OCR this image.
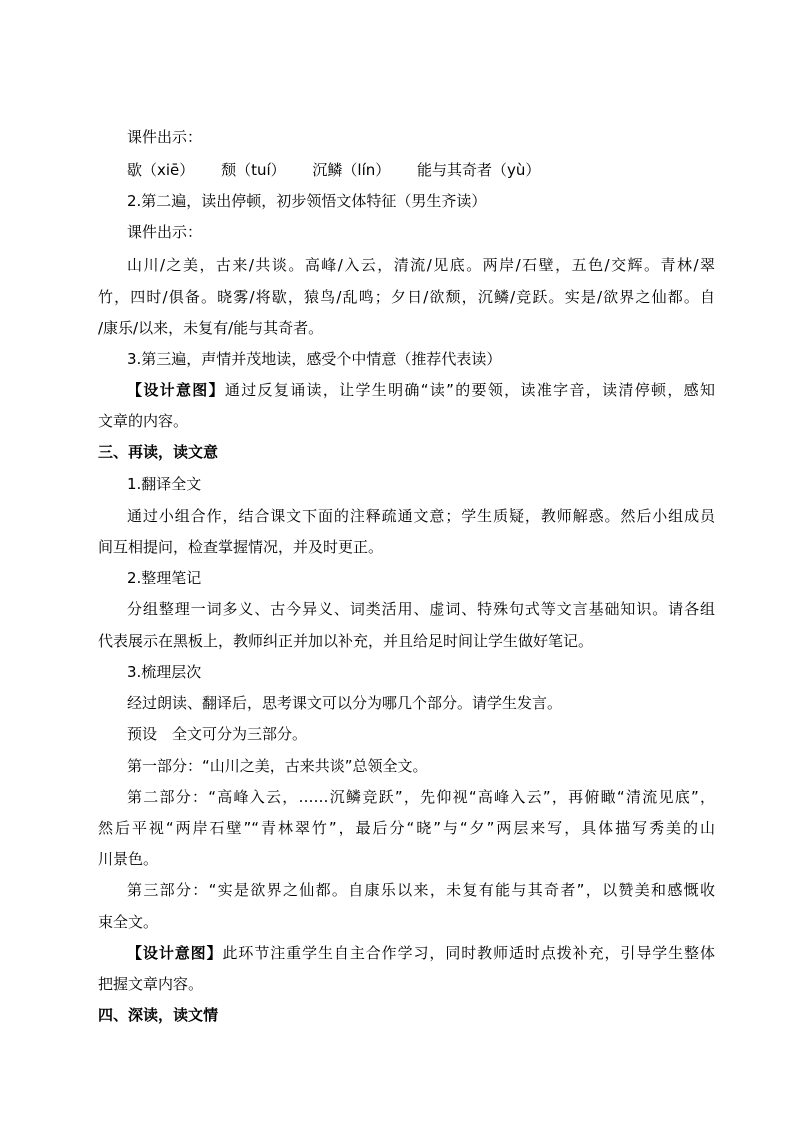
课件出示：
歇（xiē） 颓（tuí） 沉鳞（lín） 能与其奇者（yù）
2.第二遍，读出停顿，初步领悟文体特征（男生齐读）
课件出示：
山川/之美，古来/共谈。高峰/入云，清流/见底。两岸/石壁，五色/交辉。青林/翠
竹，四时/俱备。晓雾/将歇，猿鸟/乱鸣；夕日/欲颓，沉鳞/竞跃。实是/欲界之仙都。自
/康乐/以来，未复有/能与其奇者。
3.第三遍，声情并茂地读，感受个中情意（推荐代表读）
【设计意图】通过反复诵读，让学生明确“读”的要领，读准字音，读清停顿，感知
文章的内容。
三、再读，读文意
1.翻译全文
通过小组合作，结合课文下面的注释疏通文意；学生质疑，教师解惑。然后小组成员
间互相提问，检查掌握情况，并及时更正。
2.整理笔记
分组整理一词多义、古今异义、词类活用、虚词、特殊句式等文言基础知识。请各组
代表展示在黑板上，教师纠正并加以补充，并且给足时间让学生做好笔记。
3.梳理层次
经过朗读、翻译后，思考课文可以分为哪几个部分。请学生发言。
预设　全文可分为三部分。
第一部分：“山川之美，古来共谈”总领全文。
第二部分：“高峰入云，……沉鳞竞跃”，先仰视“高峰入云”，再俯瞰“清流见底”，
然后平视“两岸石壁”“青林翠竹”，最后分“晓”与“夕”两层来写，具体描写秀美的山
川景色。
第三部分：“实是欲界之仙都。自康乐以来，未复有能与其奇者”，以赞美和感慨收
束全文。
【设计意图】此环节注重学生自主合作学习，同时教师适时点拨补充，引导学生整体
把握文章内容。
四、深读，读文情
